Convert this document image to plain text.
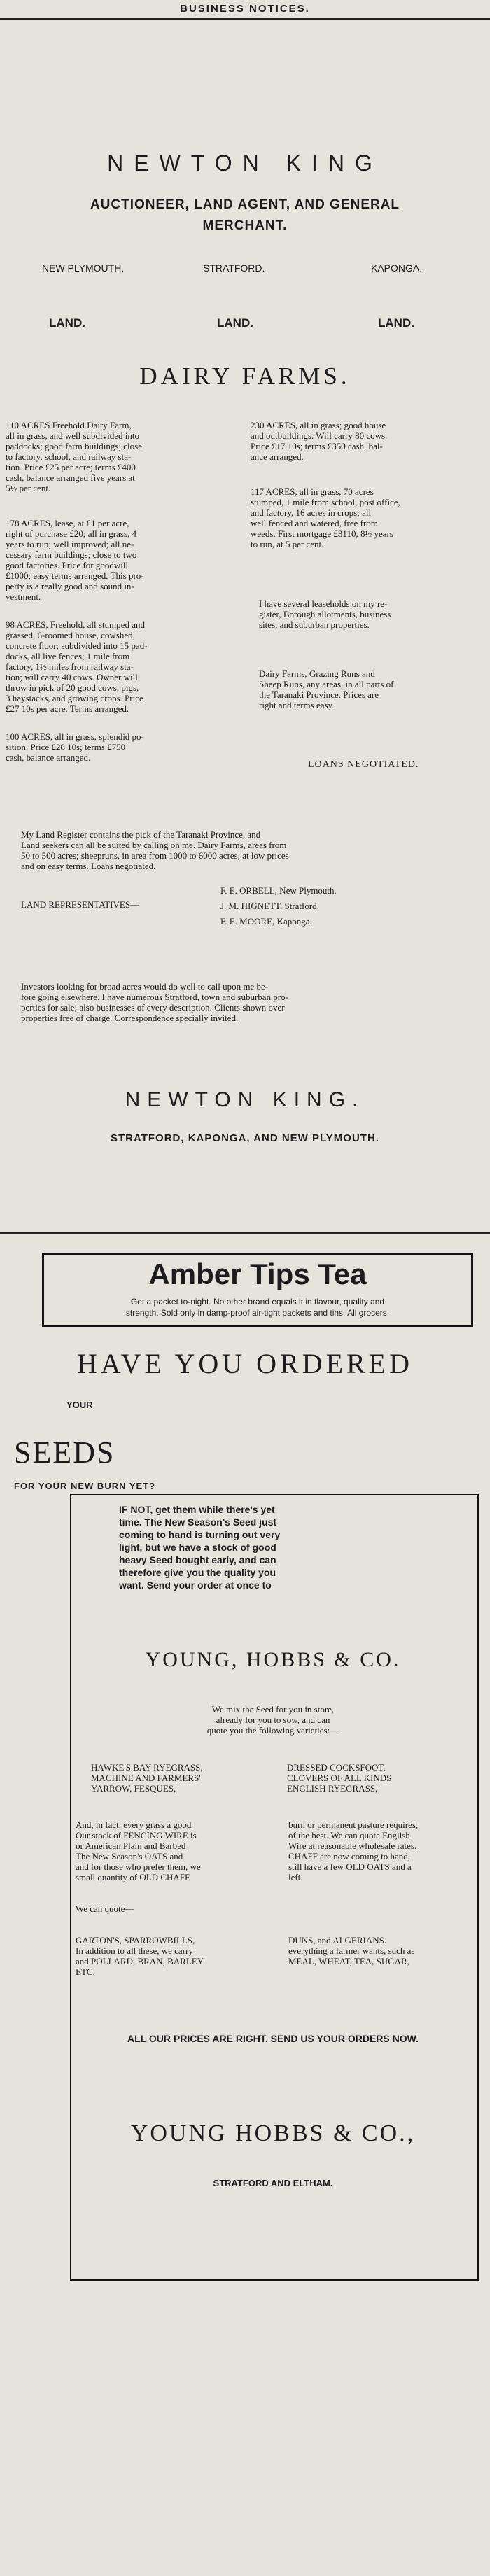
BUSINESS NOTICES.
NEWTON KING
AUCTIONEER, LAND AGENT, AND GENERAL
MERCHANT.
NEW PLYMOUTH.	STRATFORD.	KAPONGA.
LAND.	LAND.	LAND.
DAIRY FARMS.
110 ACRES Freehold Dairy Farm,
all in grass, and well subdivided into
paddocks; good farm buildings; close
to factory, school, and railway sta-
tion. Price £25 per acre; terms £400
cash, balance arranged five years at
5½ per cent.
178 ACRES, lease, at £1 per acre,
right of purchase £20; all in grass, 4
years to run; well improved; all ne-
cessary farm buildings; close to two
good factories. Price for goodwill
£1000; easy terms arranged. This pro-
perty is a really good and sound in-
vestment.
98 ACRES, Freehold, all stumped and
grassed, 6-roomed house, cowshed,
concrete floor; subdivided into 15 pad-
docks, all live fences; 1 mile from
factory, 1½ miles from railway sta-
tion; will carry 40 cows. Owner will
throw in pick of 20 good cows, pigs,
3 haystacks, and growing crops. Price
£27 10s per acre. Terms arranged.
100 ACRES, all in grass, splendid po-
sition. Price £28 10s; terms £750
cash, balance arranged.
230 ACRES, all in grass; good house
and outbuildings. Will carry 80 cows.
Price £17 10s; terms £350 cash, bal-
ance arranged.
117 ACRES, all in grass, 70 acres
stumped, 1 mile from school, post office,
and factory, 16 acres in crops; all
well fenced and watered, free from
weeds. First mortgage £3110, 8½ years
to run, at 5 per cent.
I have several leaseholds on my re-
gister, Borough allotments, business
sites, and suburban properties.
Dairy Farms, Grazing Runs and
Sheep Runs, any areas, in all parts of
the Taranaki Province. Prices are
right and terms easy.
LOANS NEGOTIATED.
My Land Register contains the pick of the Taranaki Province, and
Land seekers can all be suited by calling on me. Dairy Farms, areas from
50 to 500 acres; sheepruns, in area from 1000 to 6000 acres, at low prices
and on easy terms. Loans negotiated.
LAND REPRESENTATIVES—
F. E. ORBELL, New Plymouth.
J. M. HIGNETT, Stratford.
F. E. MOORE, Kaponga.
Investors looking for broad acres would do well to call upon me be-
fore going elsewhere. I have numerous Stratford, town and suburban pro-
perties for sale; also businesses of every description. Clients shown over
properties free of charge. Correspondence specially invited.
NEWTON KING.
STRATFORD, KAPONGA, AND NEW PLYMOUTH.
Amber Tips Tea
Get a packet to-night. No other brand equals it in flavour, quality and
strength. Sold only in damp-proof air-tight packets and tins. All grocers.
HAVE YOU ORDERED
YOUR
SEEDS
FOR YOUR NEW BURN YET?
IF NOT, get them while there's yet
time. The New Season's Seed just
coming to hand is turning out very
light, but we have a stock of good
heavy Seed bought early, and can
therefore give you the quality you
want. Send your order at once to
YOUNG, HOBBS & CO.
We mix the Seed for you in store,
already for you to sow, and can
quote you the following varieties:—
HAWKE'S BAY RYEGRASS,
MACHINE AND FARMERS'
YARROW, FESQUES,
DRESSED COCKSFOOT,
CLOVERS OF ALL KINDS
ENGLISH RYEGRASS,
And, in fact, every grass a good
Our stock of FENCING WIRE is
or American Plain and Barbed
The New Season's OATS and
and for those who prefer them, we
small quantity of OLD CHAFF
burn or permanent pasture requires,
of the best. We can quote English
Wire at reasonable wholesale rates.
CHAFF are now coming to hand,
still have a few OLD OATS and a
left.
We can quote—
GARTON'S, SPARROWBILLS,
In addition to all these, we carry
and POLLARD, BRAN, BARLEY
ETC.
DUNS, and ALGERIANS.
everything a farmer wants, such as
MEAL, WHEAT, TEA, SUGAR,
ALL OUR PRICES ARE RIGHT. SEND US YOUR ORDERS NOW.
YOUNG HOBBS & CO.,
STRATFORD AND ELTHAM.
